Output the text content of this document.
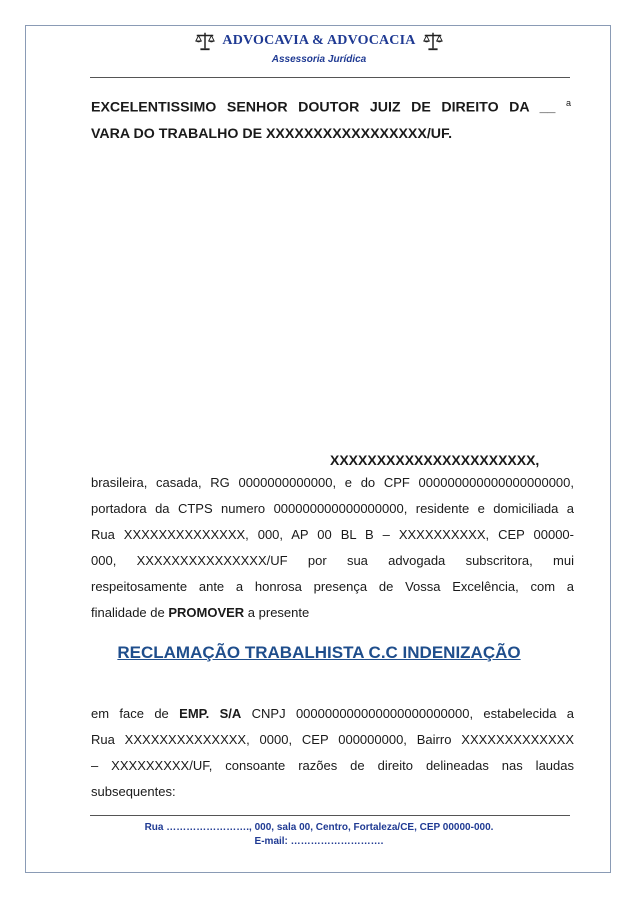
ADVOCAVIA & ADVOCACIA
Assessoria Jurídica
EXCELENTISSIMO SENHOR DOUTOR JUIZ DE DIREITO DA __ $^a$
VARA DO TRABALHO DE XXXXXXXXXXXXXXXXX/UF.
XXXXXXXXXXXXXXXXXXXXXX,
brasileira, casada, RG 0000000000000, e do CPF 000000000000000000000,
portadora da CTPS numero 000000000000000000, residente e domiciliada a
Rua XXXXXXXXXXXXXX, 000, AP 00 BL B – XXXXXXXXXX, CEP 00000-
000, XXXXXXXXXXXXXXX/UF por sua advogada subscritora, mui
respeitosamente ante a honrosa presença de Vossa Excelência, com a
finalidade de PROMOVER a presente
RECLAMAÇÃO TRABALHISTA C.C INDENIZAÇÃO
em face de EMP. S/A CNPJ 000000000000000000000000, estabelecida a
Rua XXXXXXXXXXXXXX, 0000, CEP 000000000, Bairro XXXXXXXXXXXXX
– XXXXXXXXX/UF, consoante razões de direito delineadas nas laudas
subsequentes:
Rua ……………………., 000, sala 00, Centro, Fortaleza/CE, CEP 00000-000.
E-mail: ……………………….
